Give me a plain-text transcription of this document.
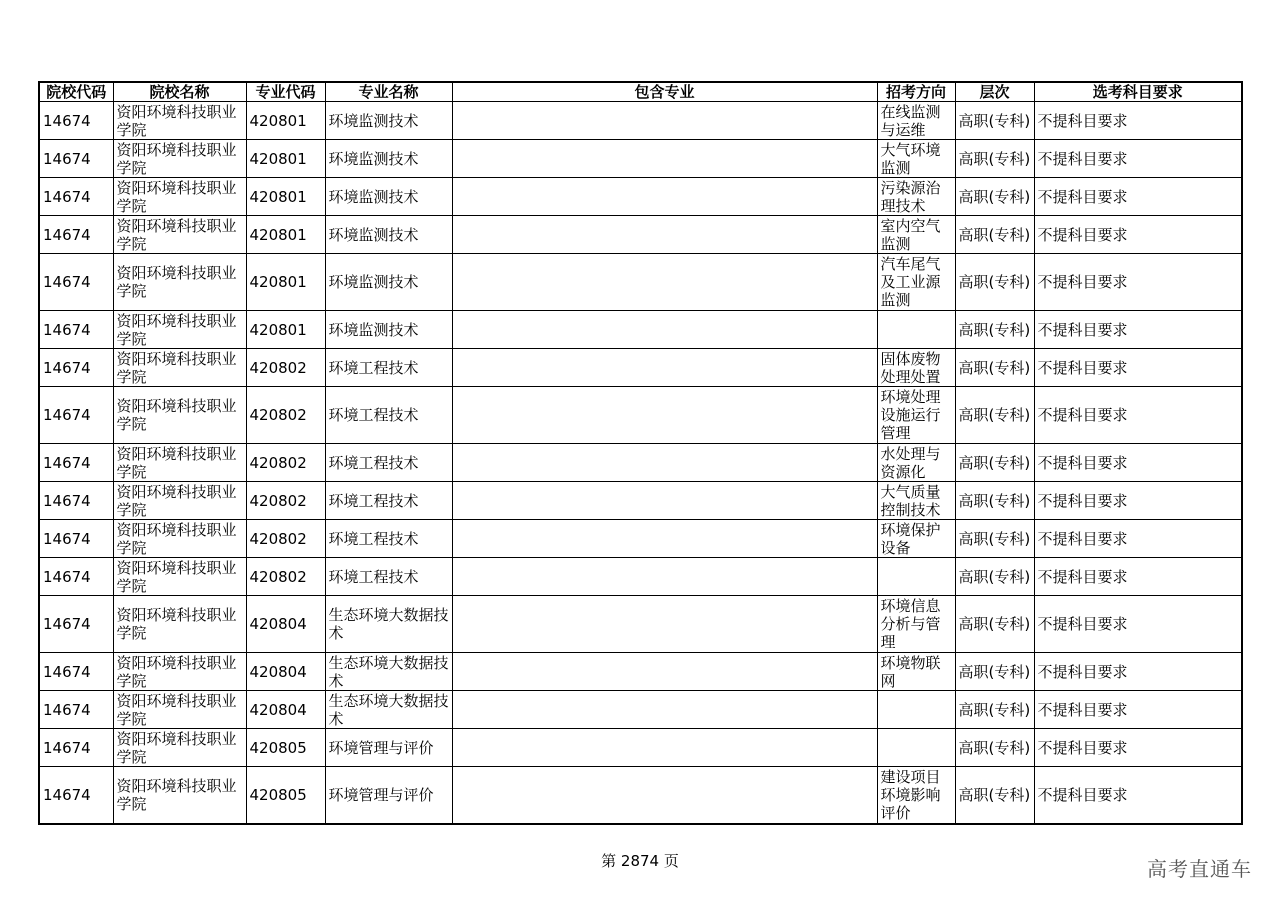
院校代码	院校名称	专业代码	专业名称	包含专业	招考方向	层次	选考科目要求
14674	资阳环境科技职业学院	420801	环境监测技术		在线监测与运维	高职(专科)	不提科目要求
14674	资阳环境科技职业学院	420801	环境监测技术		大气环境监测	高职(专科)	不提科目要求
14674	资阳环境科技职业学院	420801	环境监测技术		污染源治理技术	高职(专科)	不提科目要求
14674	资阳环境科技职业学院	420801	环境监测技术		室内空气监测	高职(专科)	不提科目要求
14674	资阳环境科技职业学院	420801	环境监测技术		汽车尾气及工业源监测	高职(专科)	不提科目要求
14674	资阳环境科技职业学院	420801	环境监测技术			高职(专科)	不提科目要求
14674	资阳环境科技职业学院	420802	环境工程技术		固体废物处理处置	高职(专科)	不提科目要求
14674	资阳环境科技职业学院	420802	环境工程技术		环境处理设施运行管理	高职(专科)	不提科目要求
14674	资阳环境科技职业学院	420802	环境工程技术		水处理与资源化	高职(专科)	不提科目要求
14674	资阳环境科技职业学院	420802	环境工程技术		大气质量控制技术	高职(专科)	不提科目要求
14674	资阳环境科技职业学院	420802	环境工程技术		环境保护设备	高职(专科)	不提科目要求
14674	资阳环境科技职业学院	420802	环境工程技术			高职(专科)	不提科目要求
14674	资阳环境科技职业学院	420804	生态环境大数据技术		环境信息分析与管理	高职(专科)	不提科目要求
14674	资阳环境科技职业学院	420804	生态环境大数据技术		环境物联网	高职(专科)	不提科目要求
14674	资阳环境科技职业学院	420804	生态环境大数据技术			高职(专科)	不提科目要求
14674	资阳环境科技职业学院	420805	环境管理与评价			高职(专科)	不提科目要求
14674	资阳环境科技职业学院	420805	环境管理与评价		建设项目环境影响评价	高职(专科)	不提科目要求
第 2874 页	高考直通车
